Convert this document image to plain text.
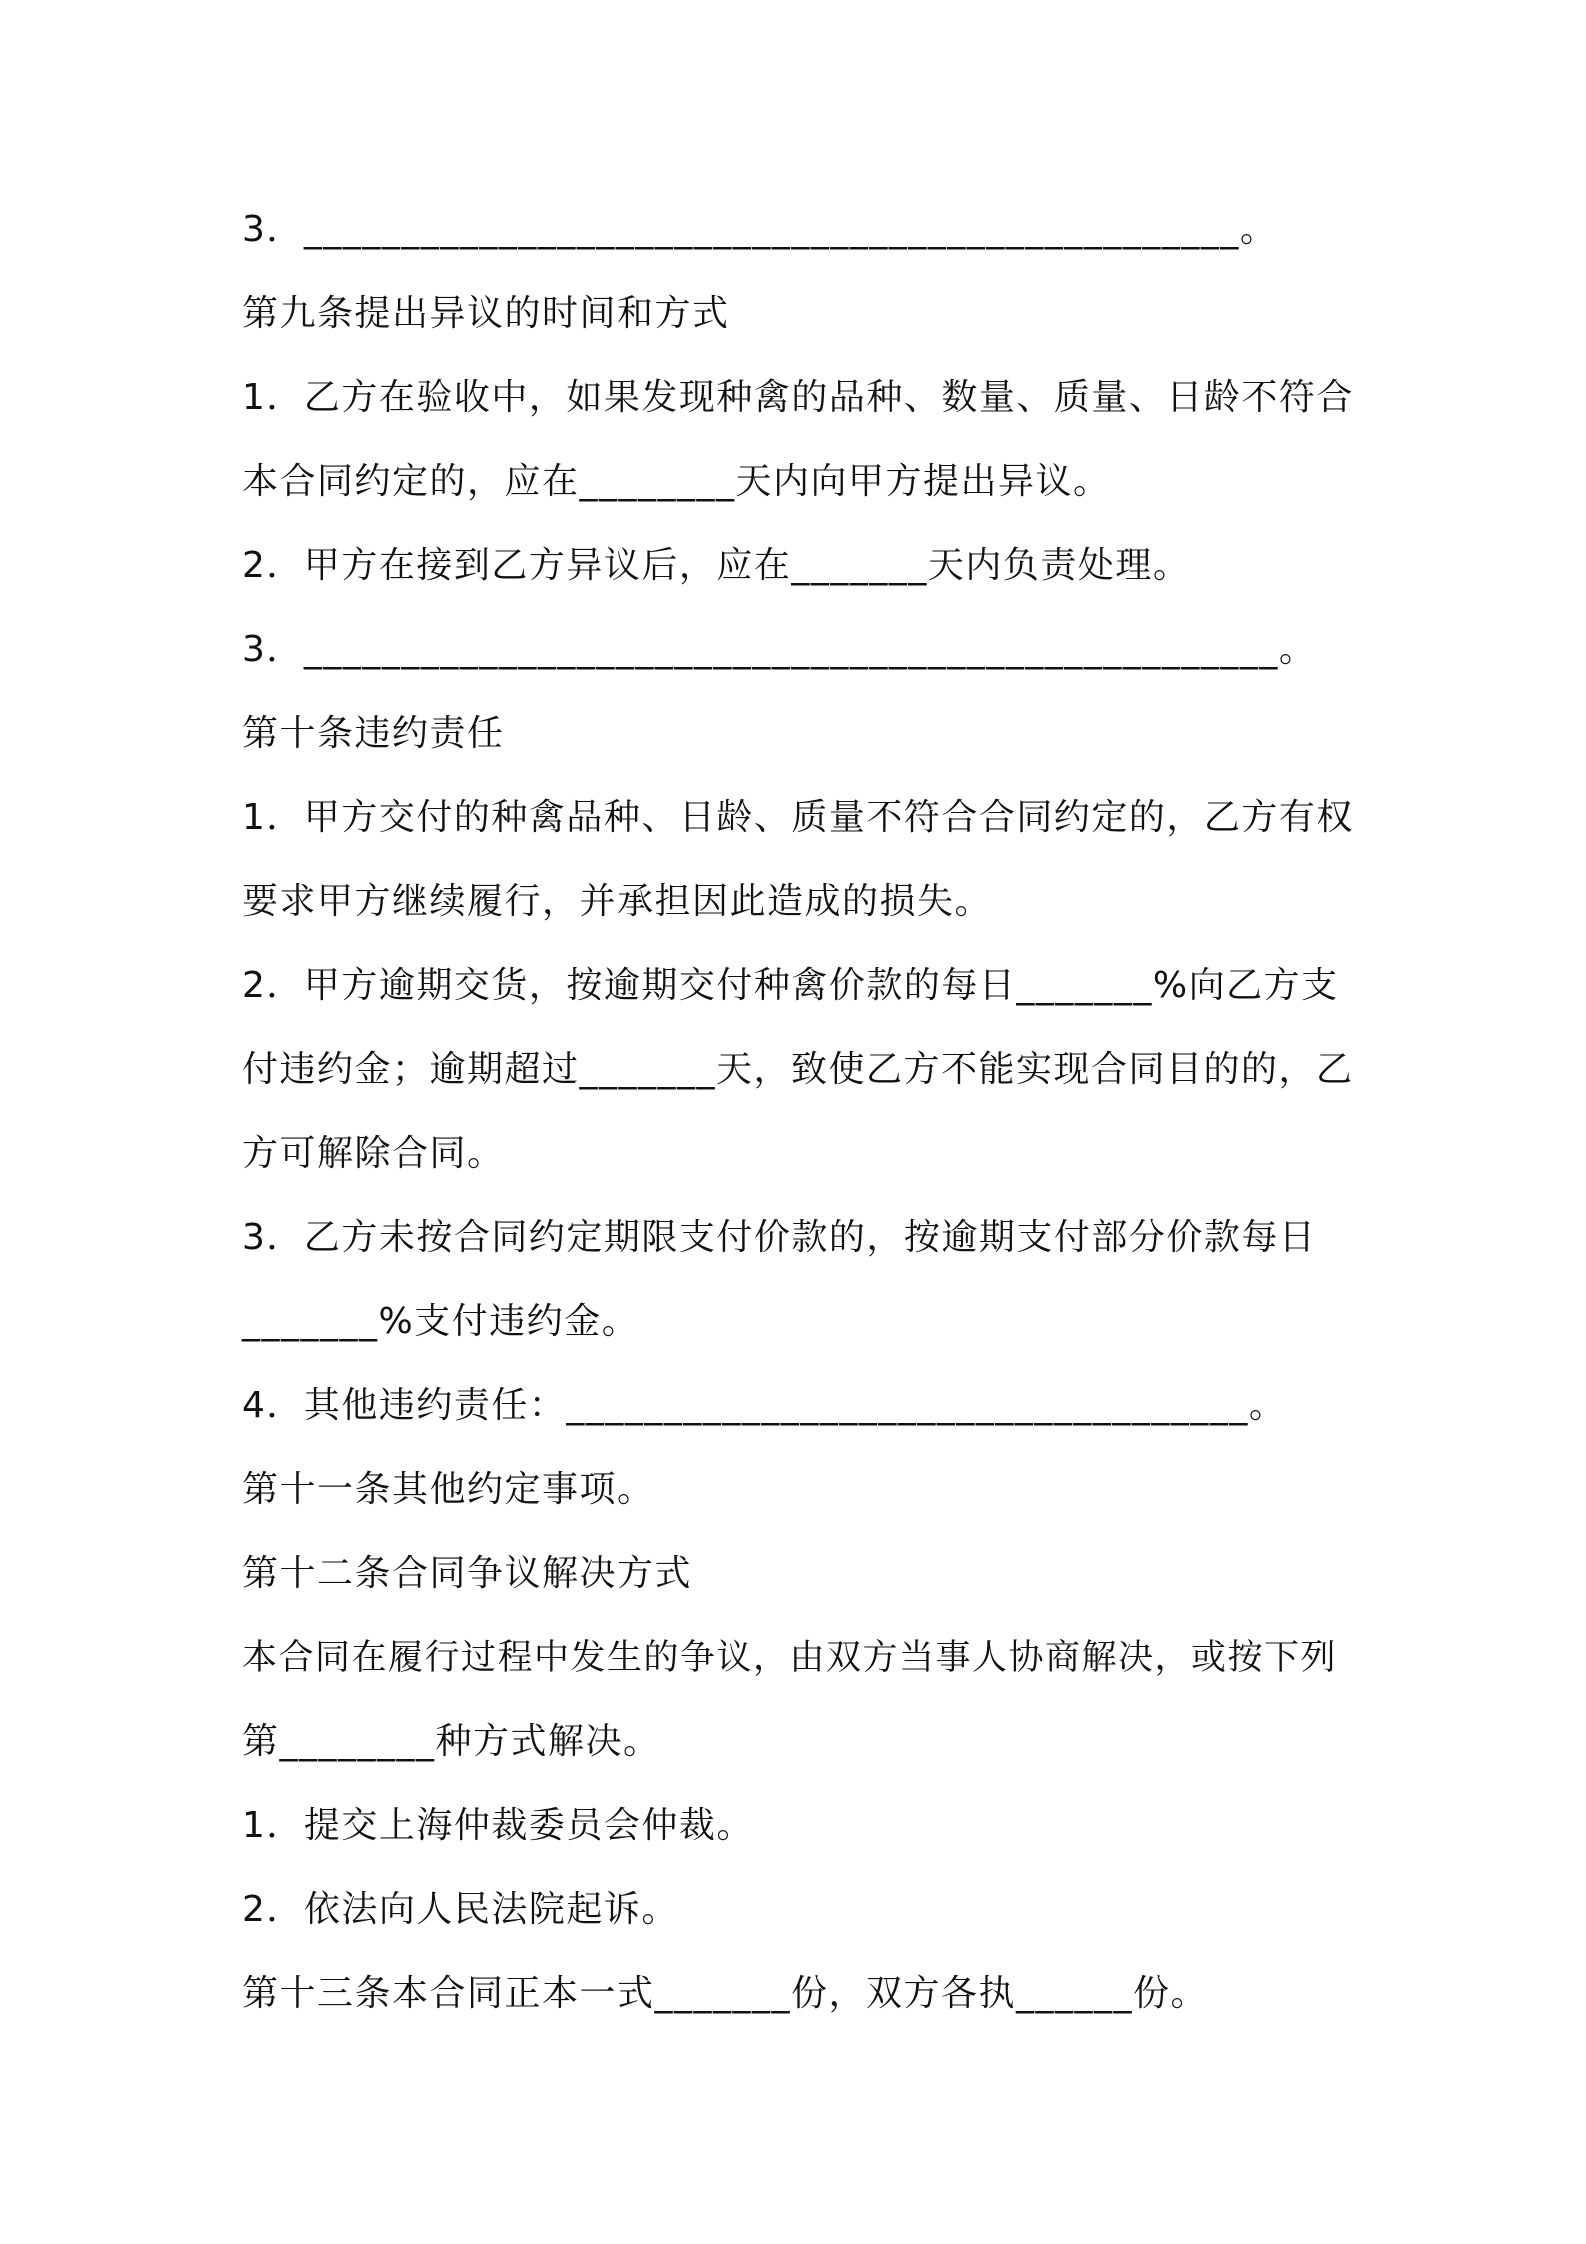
3．________________________________________________。
第九条提出异议的时间和方式
1．乙方在验收中，如果发现种禽的品种、数量、质量、日龄不符合
本合同约定的，应在________天内向甲方提出异议。
2．甲方在接到乙方异议后，应在_______天内负责处理。
3．__________________________________________________。
第十条违约责任
1．甲方交付的种禽品种、日龄、质量不符合合同约定的，乙方有权
要求甲方继续履行，并承担因此造成的损失。
2．甲方逾期交货，按逾期交付种禽价款的每日_______%向乙方支
付违约金；逾期超过_______天，致使乙方不能实现合同目的的，乙
方可解除合同。
3．乙方未按合同约定期限支付价款的，按逾期支付部分价款每日
_______%支付违约金。
4．其他违约责任：___________________________________。
第十一条其他约定事项。
第十二条合同争议解决方式
本合同在履行过程中发生的争议，由双方当事人协商解决，或按下列
第________种方式解决。
1．提交上海仲裁委员会仲裁。
2．依法向人民法院起诉。
第十三条本合同正本一式_______份，双方各执______份。
